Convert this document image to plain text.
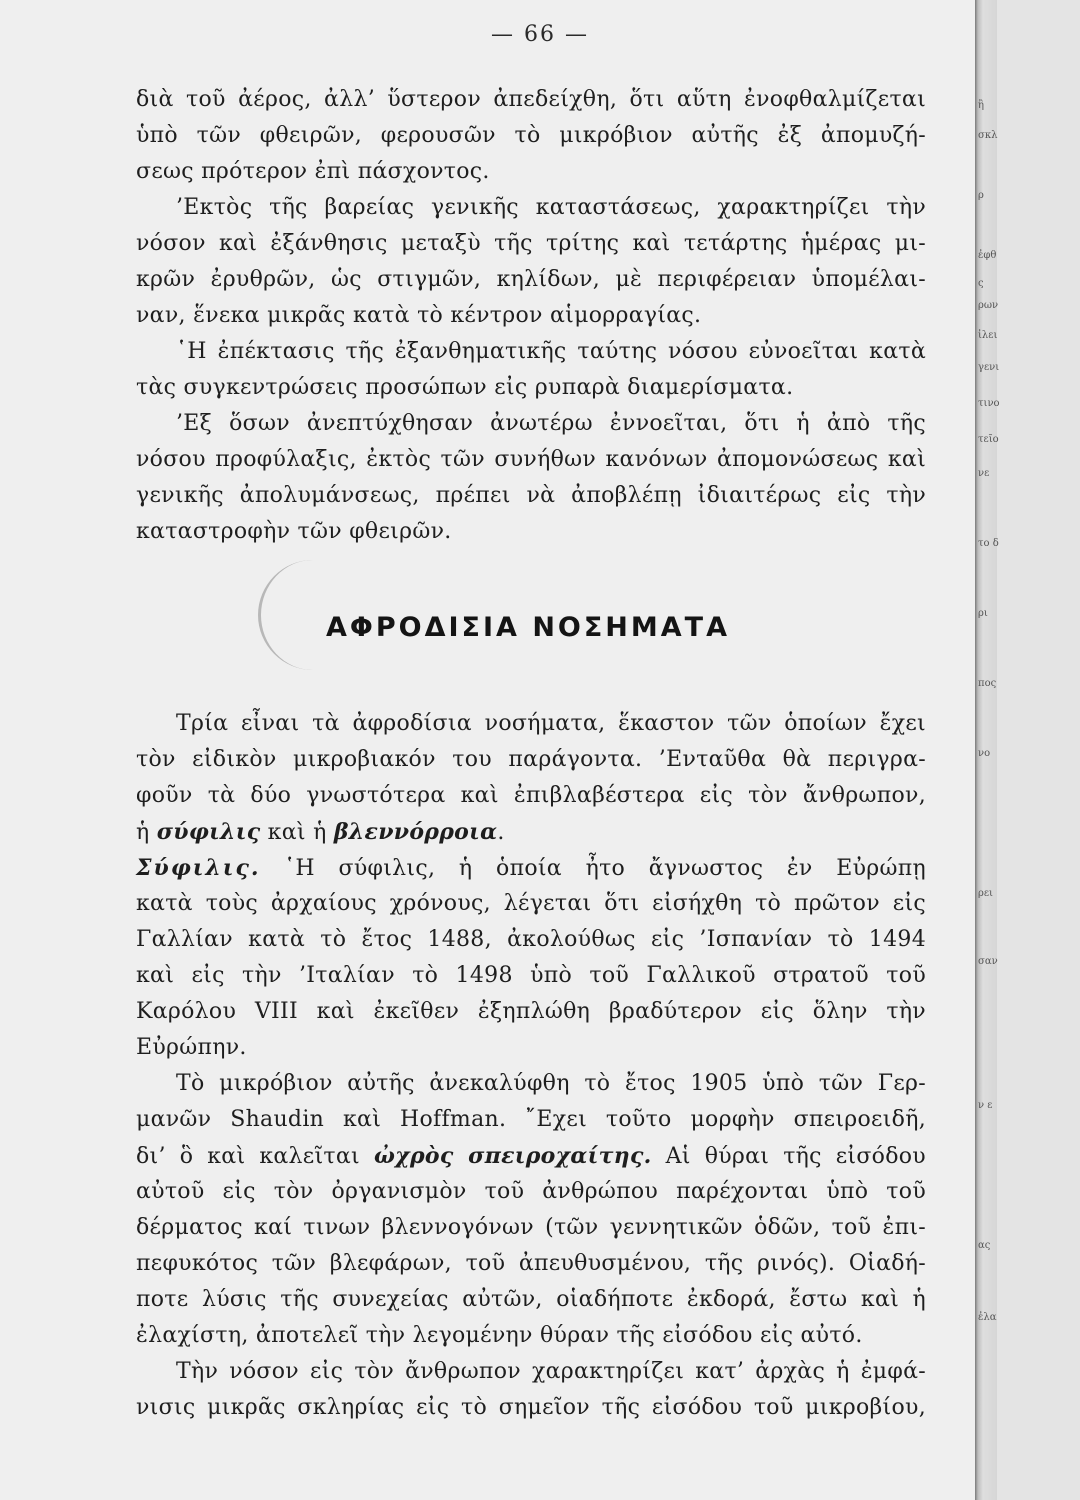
— 66 —
διὰ τοῦ ἀέρος, ἀλλ’ ὕστερον ἀπεδείχθη, ὅτι αὕτη ἐνοφθαλμίζεται
ὑπὸ τῶν φθειρῶν, φερουσῶν τὸ μικρόβιον αὐτῆς ἐξ ἀπομυζή-
σεως πρότερον ἐπὶ πάσχοντος.
’Εκτὸς τῆς βαρείας γενικῆς καταστάσεως, χαρακτηρίζει τὴν
νόσον καὶ ἐξάνθησις μεταξὺ τῆς τρίτης καὶ τετάρτης ἡμέρας μι-
κρῶν ἐρυθρῶν, ὡς στιγμῶν, κηλίδων, μὲ περιφέρειαν ὑπομέλαι-
ναν, ἕνεκα μικρᾶς κατὰ τὸ κέντρον αἱμορραγίας.
῾Η ἐπέκτασις τῆς ἐξανθηματικῆς ταύτης νόσου εὐνοεῖται κατὰ
τὰς συγκεντρώσεις προσώπων εἰς ρυπαρὰ διαμερίσματα.
’Εξ ὅσων ἀνεπτύχθησαν ἀνωτέρω ἐννοεῖται, ὅτι ἡ ἀπὸ τῆς
νόσου προφύλαξις, ἐκτὸς τῶν συνήθων κανόνων ἀπομονώσεως καὶ
γενικῆς ἀπολυμάνσεως, πρέπει νὰ ἀποβλέπῃ ἰδιαιτέρως εἰς τὴν
καταστροφὴν τῶν φθειρῶν.
ΑΦΡΟΔΙΣΙΑ ΝΟΣΗΜΑΤΑ
Τρία εἶναι τὰ ἀφροδίσια νοσήματα, ἕκαστον τῶν ὁποίων ἔχει
τὸν εἰδικὸν μικροβιακόν του παράγοντα. ’Ενταῦθα θὰ περιγρα-
φοῦν τὰ δύο γνωστότερα καὶ ἐπιβλαβέστερα εἰς τὸν ἄνθρωπον,
ἡ σύφιλις καὶ ἡ βλεννόρροια.
Σύφιλις. ῾Η σύφιλις, ἡ ὁποία ἦτο ἄγνωστος ἐν Εὐρώπῃ
κατὰ τοὺς ἀρχαίους χρόνους, λέγεται ὅτι εἰσήχθη τὸ πρῶτον εἰς
Γαλλίαν κατὰ τὸ ἔτος 1488, ἀκολούθως εἰς ’Ισπανίαν τὸ 1494
καὶ εἰς τὴν ’Ιταλίαν τὸ 1498 ὑπὸ τοῦ Γαλλικοῦ στρατοῦ τοῦ
Καρόλου VIII καὶ ἐκεῖθεν ἐξηπλώθη βραδύτερον εἰς ὅλην τὴν
Εὐρώπην.
Τὸ μικρόβιον αὐτῆς ἀνεκαλύφθη τὸ ἔτος 1905 ὑπὸ τῶν Γερ-
μανῶν Shaudin καὶ Hoffman. ῎Εχει τοῦτο μορφὴν σπειροειδῆ,
δι’ ὃ καὶ καλεῖται ὠχρὸς σπειροχαίτης. Αἱ θύραι τῆς εἰσόδου
αὐτοῦ εἰς τὸν ὀργανισμὸν τοῦ ἀνθρώπου παρέχονται ὑπὸ τοῦ
δέρματος καί τινων βλεννογόνων (τῶν γεννητικῶν ὁδῶν, τοῦ ἐπι-
πεφυκότος τῶν βλεφάρων, τοῦ ἀπευθυσμένου, τῆς ρινός). Οἱαδή-
ποτε λύσις τῆς συνεχείας αὐτῶν, οἱαδήποτε ἐκδορά, ἔστω καὶ ἡ
ἐλαχίστη, ἀποτελεῖ τὴν λεγομένην θύραν τῆς εἰσόδου εἰς αὐτό.
Τὴν νόσον εἰς τὸν ἄνθρωπον χαρακτηρίζει κατ’ ἀρχὰς ἡ ἐμφά-
νισις μικρᾶς σκληρίας εἰς τὸ σημεῖον τῆς εἰσόδου τοῦ μικροβίου,
ἢ
σκλ
ρ
ἐφθ
ς
ρων
ἰλει
γενι
τινο
τεῖο
νε
το δ
ρι
πος
νο
ρει
σαν
ν ε
ας
ἐλα
